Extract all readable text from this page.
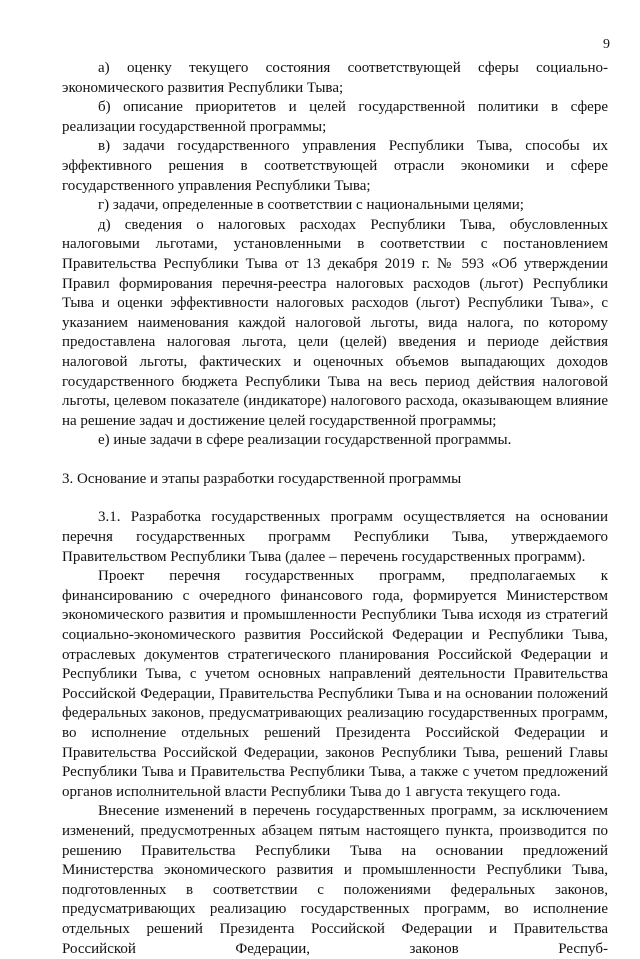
9

а) оценку текущего состояния соответствующей сферы социально-экономического развития Республики Тыва;

б) описание приоритетов и целей государственной политики в сфере реализации государственной программы;

в) задачи государственного управления Республики Тыва, способы их эффективного решения в соответствующей отрасли экономики и сфере государственного управления Республики Тыва;

г) задачи, определенные в соответствии с национальными целями;

д) сведения о налоговых расходах Республики Тыва, обусловленных налоговыми льготами, установленными в соответствии с постановлением Правительства Республики Тыва от 13 декабря 2019 г. № 593 «Об утверждении Правил формирования перечня-реестра налоговых расходов (льгот) Республики Тыва и оценки эффективности налоговых расходов (льгот) Республики Тыва», с указанием наименования каждой налоговой льготы, вида налога, по которому предоставлена налоговая льгота, цели (целей) введения и периоде действия налоговой льготы, фактических и оценочных объемов выпадающих доходов государственного бюджета Республики Тыва на весь период действия налоговой льготы, целевом показателе (индикаторе) налогового расхода, оказывающем влияние на решение задач и достижение целей государственной программы;

е) иные задачи в сфере реализации государственной программы.

3. Основание и этапы разработки государственной программы

3.1. Разработка государственных программ осуществляется на основании перечня государственных программ Республики Тыва, утверждаемого Правительством Республики Тыва (далее – перечень государственных программ).

Проект перечня государственных программ, предполагаемых к финансированию с очередного финансового года, формируется Министерством экономического развития и промышленности Республики Тыва исходя из стратегий социально-экономического развития Российской Федерации и Республики Тыва, отраслевых документов стратегического планирования Российской Федерации и Республики Тыва, с учетом основных направлений деятельности Правительства Российской Федерации, Правительства Республики Тыва и на основании положений федеральных законов, предусматривающих реализацию государственных программ, во исполнение отдельных решений Президента Российской Федерации и Правительства Российской Федерации, законов Республики Тыва, решений Главы Республики Тыва и Правительства Республики Тыва, а также с учетом предложений органов исполнительной власти Республики Тыва до 1 августа текущего года.

Внесение изменений в перечень государственных программ, за исключением изменений, предусмотренных абзацем пятым настоящего пункта, производится по решению Правительства Республики Тыва на основании предложений Министерства экономического развития и промышленности Республики Тыва, подготовленных в соответствии с положениями федеральных законов, предусматривающих реализацию государственных программ, во исполнение отдельных решений Президента Российской Федерации и Правительства Российской Федерации, законов Респуб-
